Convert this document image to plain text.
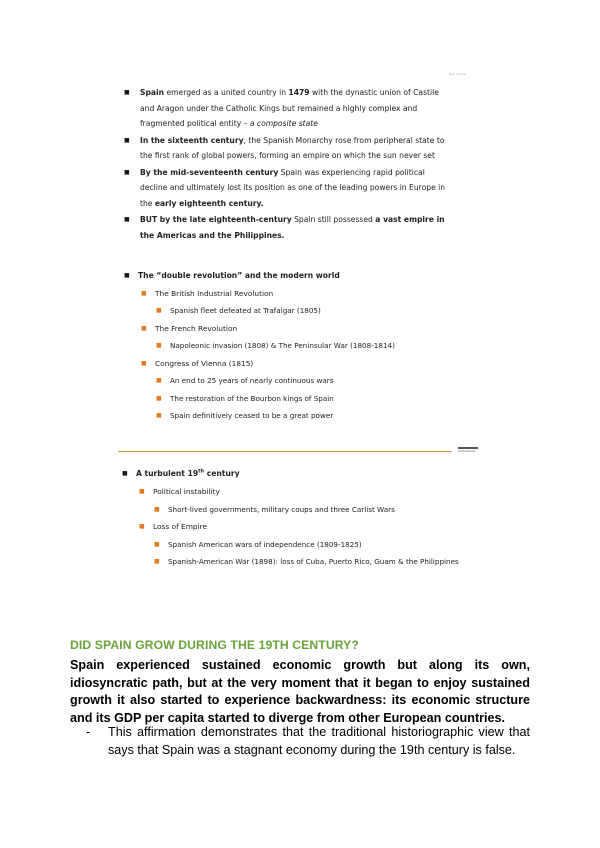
ALL 12/10
■ Spain emerged as a united country in 1479 with the dynastic union of Castile and Aragon under the Catholic Kings but remained a highly complex and fragmented political entity – a composite state
■ In the sixteenth century, the Spanish Monarchy rose from peripheral state to the first rank of global powers, forming an empire on which the sun never set
■ By the mid-seventeenth century Spain was experiencing rapid political decline and ultimately lost its position as one of the leading powers in Europe in the early eighteenth century.
■ BUT by the late eighteenth-century Spain still possessed a vast empire in the Americas and the Philippines.
■ The “double revolution” and the modern world
■ The British Industrial Revolution
■ Spanish fleet defeated at Trafalgar (1805)
■ The French Revolution
■ Napoleonic invasion (1808) & The Peninsular War (1808-1814)
■ Congress of Vienna (1815)
■ An end to 25 years of nearly continuous wars
■ The restoration of the Bourbon kings of Spain
■ Spain definitively ceased to be a great power
UC3M Madrid
■ A turbulent 19th century
■ Political instability
■ Short-lived governments, military coups and three Carlist Wars
■ Loss of Empire
■ Spanish American wars of independence (1809-1825)
■ Spanish-American War (1898): loss of Cuba, Puerto Rico, Guam & the Philippines
DID SPAIN GROW DURING THE 19TH CENTURY?
Spain experienced sustained economic growth but along its own, idiosyncratic path, but at the very moment that it began to enjoy sustained growth it also started to experience backwardness: its economic structure and its GDP per capita started to diverge from other European countries.
-	This affirmation demonstrates that the traditional historiographic view that says that Spain was a stagnant economy during the 19th century is false.
